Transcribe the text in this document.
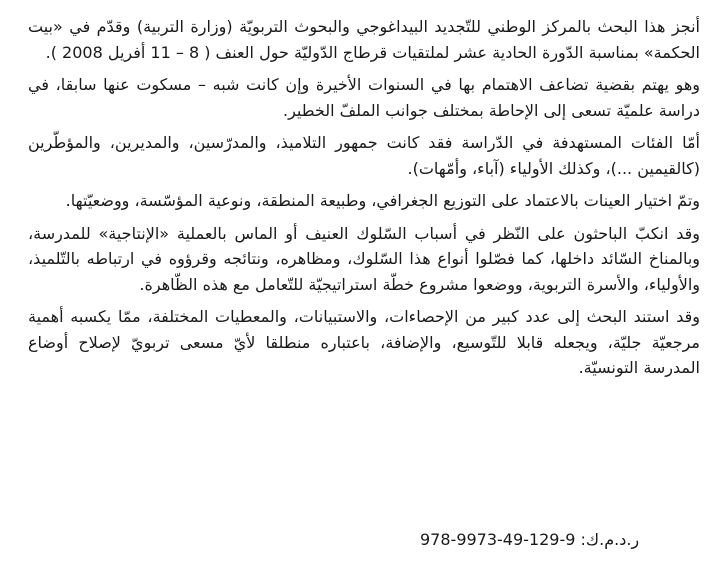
أنجز هذا البحث بالمركز الوطني للتّجديد البيداغوجي والبحوث التربويّة (وزارة التربية) وقدّم في «بيت الحكمة» بمناسبة الدّورة الحادية عشر لملتقيات قرطاج الدّوليّة حول العنف ( 8 – 11 أفريل 2008 ).

وهو يهتم بقضية تضاعف الاهتمام بها في السنوات الأخيرة وإن كانت شبه – مسكوت عنها سابقا، في دراسة علميّة تسعى إلى الإحاطة بمختلف جوانب الملفّ الخطير.

أمّا الفئات المستهدفة في الدّراسة فقد كانت جمهور التلاميذ، والمدرّسين، والمديرين، والمؤطّرين (كالقيمين ...)، وكذلك الأولياء (آباء، وأمّهات).

وتمّ اختيار العينات بالاعتماد على التوزيع الجغرافي، وطبيعة المنطقة، ونوعية المؤسّسة، ووضعيّتها.

وقد انكبّ الباحثون على النّظر في أسباب السّلوك العنيف أو الماس بالعملية «الإنتاجية» للمدرسة، وبالمناخ السّائد داخلها، كما فصّلوا أنواع هذا السّلوك، ومظاهره، ونتائجه وقرؤوه في ارتباطه بالتّلميذ، والأولياء، والأسرة التربوية، ووضعوا مشروع خطّة استراتيجيّة للتّعامل مع هذه الظّاهرة.

وقد استند البحث إلى عدد كبير من الإحصاءات، والاستبيانات، والمعطيات المختلفة، ممّا يكسبه أهمية مرجعيّة جليّة، ويجعله قابلا للتّوسيع، والإضافة، باعتباره منطلقا لأيّ مسعى تربويّ لإصلاح أوضاع المدرسة التونسيّة.

ر.د.م.ك: 978-9973-49-129-9
